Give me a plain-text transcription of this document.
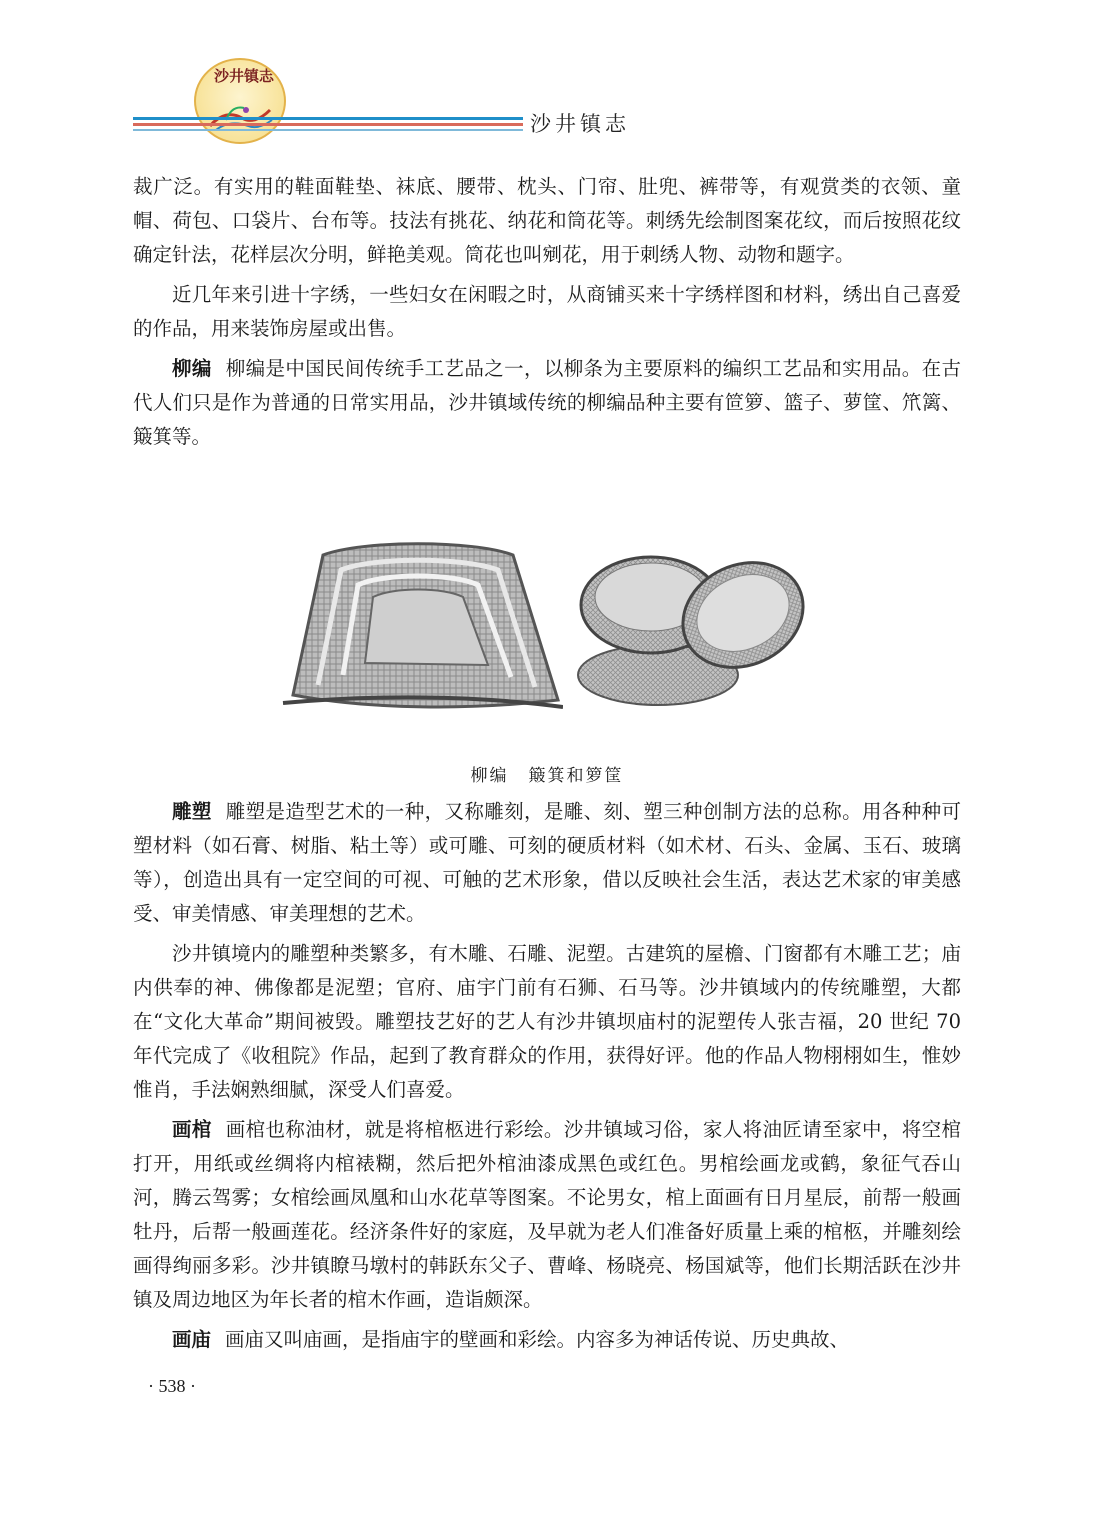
沙井镇志
沙井镇志

裁广泛。有实用的鞋面鞋垫、袜底、腰带、枕头、门帘、肚兜、裤带等，有观赏类的衣领、童帽、荷包、口袋片、台布等。技法有挑花、纳花和筒花等。刺绣先绘制图案花纹，而后按照花纹确定针法，花样层次分明，鲜艳美观。筒花也叫剜花，用于刺绣人物、动物和题字。

近几年来引进十字绣，一些妇女在闲暇之时，从商铺买来十字绣样图和材料，绣出自己喜爱的作品，用来装饰房屋或出售。

柳编 柳编是中国民间传统手工艺品之一，以柳条为主要原料的编织工艺品和实用品。在古代人们只是作为普通的日常实用品，沙井镇域传统的柳编品种主要有笸箩、篮子、萝筐、笊篱、簸箕等。

柳编 簸箕和箩筐

雕塑 雕塑是造型艺术的一种，又称雕刻，是雕、刻、塑三种创制方法的总称。用各种种可塑材料（如石膏、树脂、粘土等）或可雕、可刻的硬质材料（如术材、石头、金属、玉石、玻璃等），创造出具有一定空间的可视、可触的艺术形象，借以反映社会生活，表达艺术家的审美感受、审美情感、审美理想的艺术。

沙井镇境内的雕塑种类繁多，有木雕、石雕、泥塑。古建筑的屋檐、门窗都有木雕工艺；庙内供奉的神、佛像都是泥塑；官府、庙宇门前有石狮、石马等。沙井镇域内的传统雕塑，大都在“文化大革命”期间被毁。雕塑技艺好的艺人有沙井镇坝庙村的泥塑传人张吉福，20 世纪 70 年代完成了《收租院》作品，起到了教育群众的作用，获得好评。他的作品人物栩栩如生，惟妙惟肖，手法娴熟细腻，深受人们喜爱。

画棺 画棺也称油材，就是将棺柩进行彩绘。沙井镇域习俗，家人将油匠请至家中，将空棺打开，用纸或丝绸将内棺裱糊，然后把外棺油漆成黑色或红色。男棺绘画龙或鹤，象征气吞山河，腾云驾雾；女棺绘画凤凰和山水花草等图案。不论男女，棺上面画有日月星辰，前帮一般画牡丹，后帮一般画莲花。经济条件好的家庭，及早就为老人们准备好质量上乘的棺柩，并雕刻绘画得绚丽多彩。沙井镇瞭马墩村的韩跃东父子、曹峰、杨晓亮、杨国斌等，他们长期活跃在沙井镇及周边地区为年长者的棺木作画，造诣颇深。

画庙 画庙又叫庙画，是指庙宇的壁画和彩绘。内容多为神话传说、历史典故、

· 538 ·
